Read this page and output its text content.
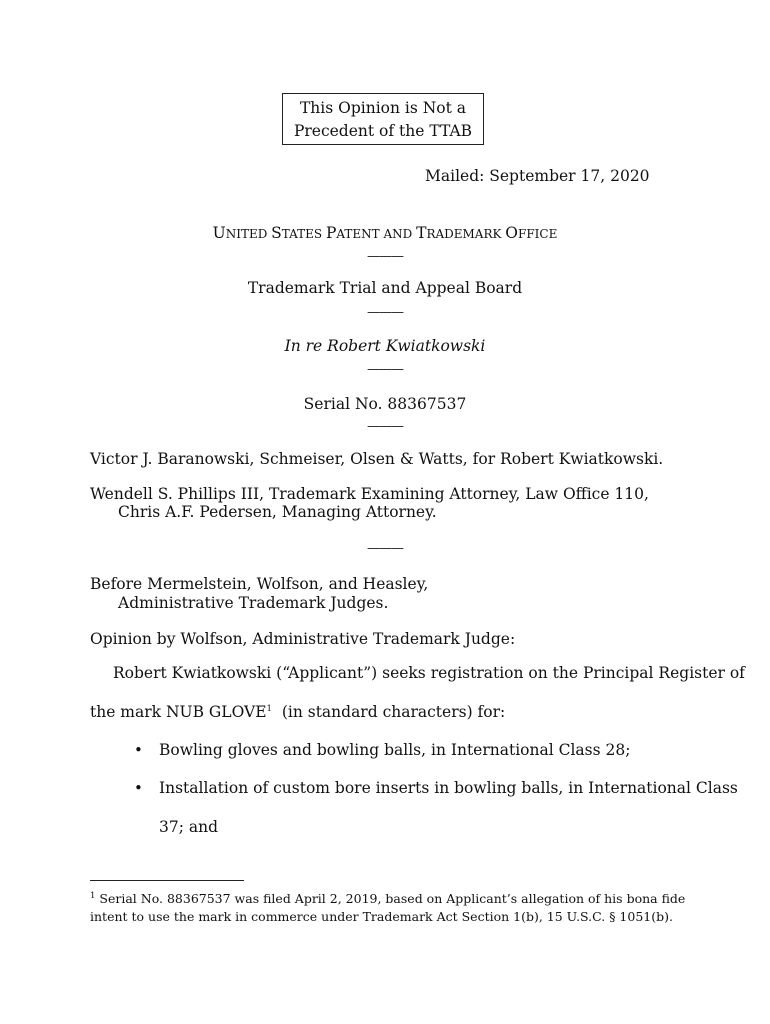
This Opinion is Not a
Precedent of the TTAB
Mailed: September 17, 2020
UNITED STATES PATENT AND TRADEMARK OFFICE
———
Trademark Trial and Appeal Board
———
In re Robert Kwiatkowski
———
Serial No. 88367537
———
Victor J. Baranowski, Schmeiser, Olsen & Watts, for Robert Kwiatkowski.
Wendell S. Phillips III, Trademark Examining Attorney, Law Office 110,
Chris A.F. Pedersen, Managing Attorney.
———
Before Mermelstein, Wolfson, and Heasley,
Administrative Trademark Judges.
Opinion by Wolfson, Administrative Trademark Judge:
Robert Kwiatkowski (“Applicant”) seeks registration on the Principal Register of
the mark NUB GLOVE$^1$ (in standard characters) for:
• Bowling gloves and bowling balls, in International Class 28;
• Installation of custom bore inserts in bowling balls, in International Class
37; and
$^1$ Serial No. 88367537 was filed April 2, 2019, based on Applicant’s allegation of his bona fide
intent to use the mark in commerce under Trademark Act Section 1(b), 15 U.S.C. § 1051(b).
